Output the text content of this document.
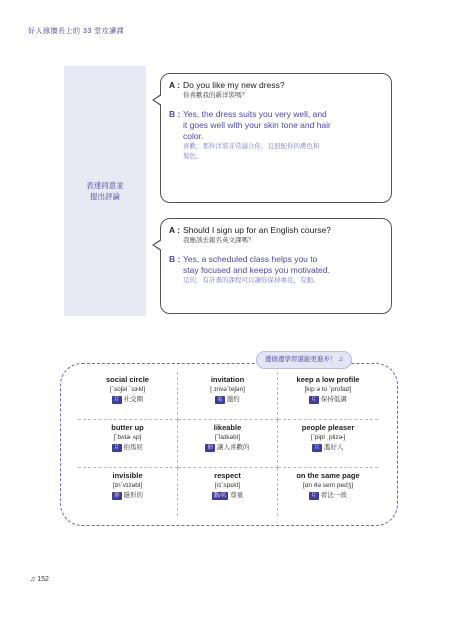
好人緣擅長上的 33 堂攻讀課
表達同意並
提出評論
A : Do you like my new dress?
你喜歡我的新洋裝嗎？
B : Yes, the dress suits you very well, and
it goes well with your skin tone and hair
color.
喜歡，那件洋裝非常適合你，且很配你的膚色和
髮色。
A : Should I sign up for an English course?
我應該去報名英文課嗎？
B : Yes, a scheduled class helps you to
stay focused and keeps you motivated.
是的，有計畫的課程可以讓你保持專注，有動。
邊做邊學習還能更進步！ ♫
social circle
[ˋsoʃəl ˋsɝkl]
片 社交圈
invitation
[ˌɪnvəˋteʃən]
名 邀約
keep a low profile
[kip ə lo ˋprofaɪl]
片 保持低調
butter up
[ˋbʌtɚ ʌp]
片 拍馬屁
likeable
[ˋlaɪkəbl]
形 讓人喜歡的
people pleaser
[ˋpipl ˌplizɚ]
片 濫好人
invisible
[ɪnˋvɪzəbl]
形 隱形的
respect
[rɪˋspɛkt]
動/名 尊重
on the same page
[ɑn ðə sem pedʒ]
片 看法一致
♫ 152
